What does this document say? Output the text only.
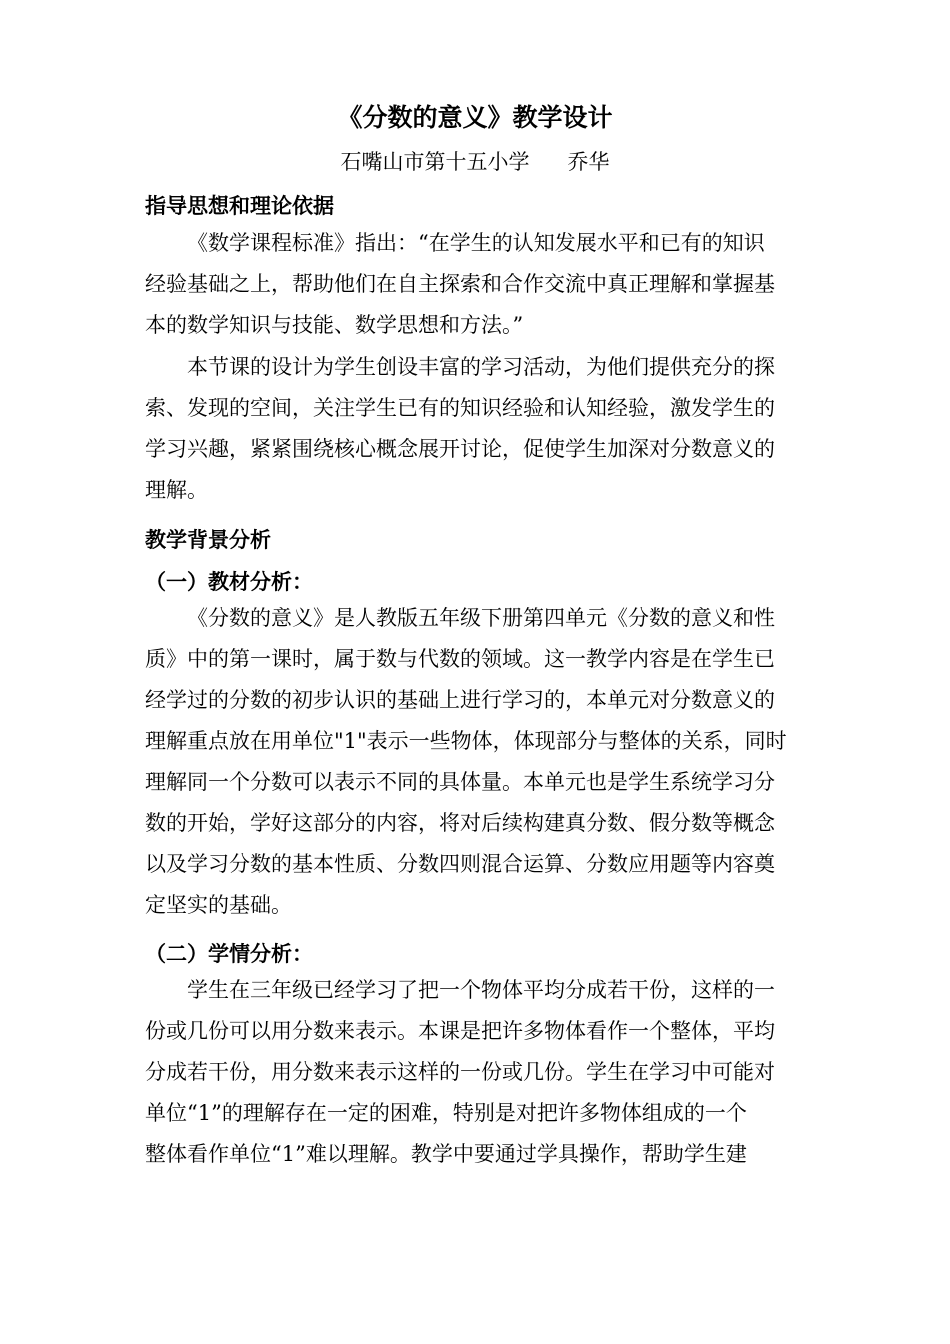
《分数的意义》教学设计
石嘴山市第十五小学 乔华
指导思想和理论依据
《数学课程标准》指出：“在学生的认知发展水平和已有的知识
经验基础之上，帮助他们在自主探索和合作交流中真正理解和掌握基
本的数学知识与技能、数学思想和方法。”
本节课的设计为学生创设丰富的学习活动，为他们提供充分的探
索、发现的空间，关注学生已有的知识经验和认知经验，激发学生的
学习兴趣，紧紧围绕核心概念展开讨论，促使学生加深对分数意义的
理解。
教学背景分析
（一）教材分析：
《分数的意义》是人教版五年级下册第四单元《分数的意义和性
质》中的第一课时，属于数与代数的领域。这一教学内容是在学生已
经学过的分数的初步认识的基础上进行学习的，本单元对分数意义的
理解重点放在用单位"1"表示一些物体，体现部分与整体的关系，同时
理解同一个分数可以表示不同的具体量。本单元也是学生系统学习分
数的开始，学好这部分的内容，将对后续构建真分数、假分数等概念
以及学习分数的基本性质、分数四则混合运算、分数应用题等内容奠
定坚实的基础。
（二）学情分析：
学生在三年级已经学习了把一个物体平均分成若干份，这样的一
份或几份可以用分数来表示。本课是把许多物体看作一个整体，平均
分成若干份，用分数来表示这样的一份或几份。学生在学习中可能对
单位“1”的理解存在一定的困难，特别是对把许多物体组成的一个
整体看作单位“1”难以理解。教学中要通过学具操作，帮助学生建
